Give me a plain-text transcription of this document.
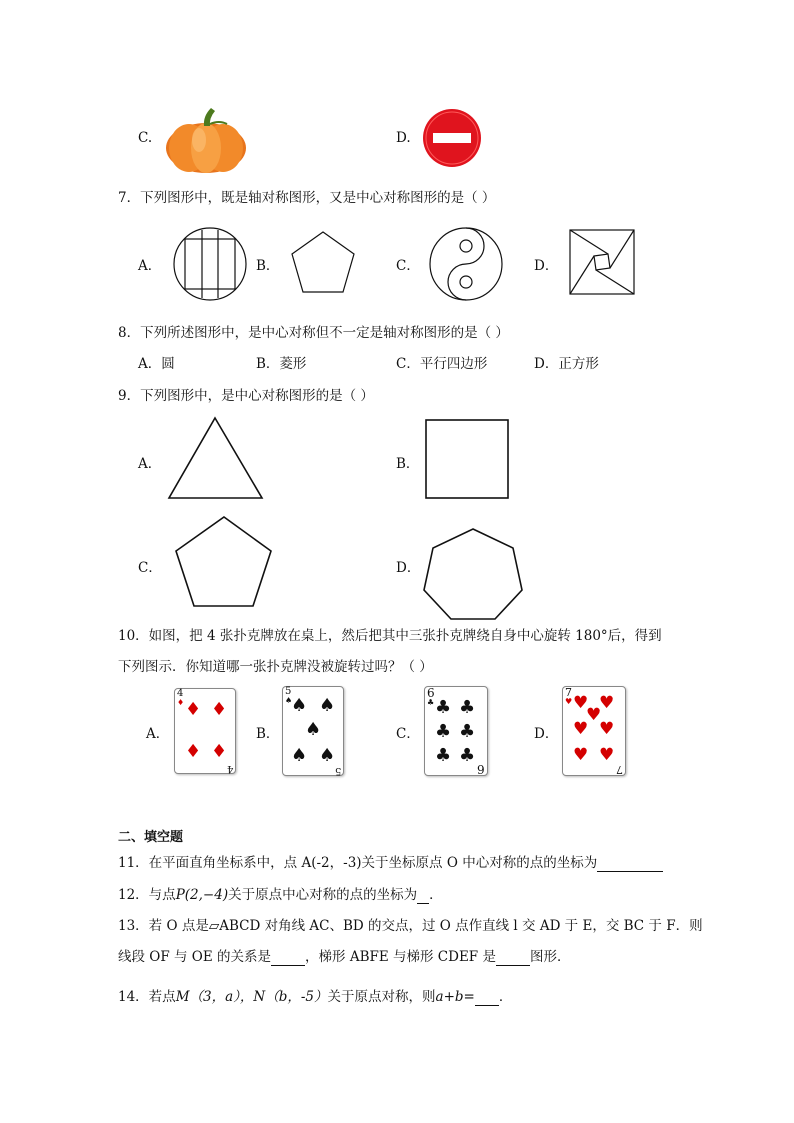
C.	D.
7．下列图形中，既是轴对称图形，又是中心对称图形的是（ ）
A．	B．	C．	D．
8．下列所述图形中，是中心对称但不一定是轴对称图形的是（ ）
A．圆	B．菱形	C．平行四边形	D．正方形
9．下列图形中，是中心对称图形的是（ ）
A．	B．
C．	D．
10．如图，把 4 张扑克牌放在桌上，然后把其中三张扑克牌绕自身中心旋转 180°后，得到
下列图示．你知道哪一张扑克牌没被旋转过吗？（ ）
A．
4
♦ ♦ ♦
♦ ♦
4
B．
5
♠
♠ ♠
♠
♠ ♠
5
C．
6
♣ ♣ ♣
♣ ♣
♣ ♣
6
D．
7
♥ ♥ ♥
♥
♥ ♥
♥ ♥
7
二、填空题
11．在平面直角坐标系中，点 A(-2，-3)关于坐标原点 O 中心对称的点的坐标为
12．与点P(2,−4)关于原点中心对称的点的坐标为 ．
13．若 O 点是▱ABCD 对角线 AC、BD 的交点，过 O 点作直线 l 交 AD 于 E，交 BC 于 F．则
线段 OF 与 OE 的关系是	，梯形 ABFE 与梯形 CDEF 是	图形．
14．若点M（3，a），N（b，-5）关于原点对称，则a+b= ．
